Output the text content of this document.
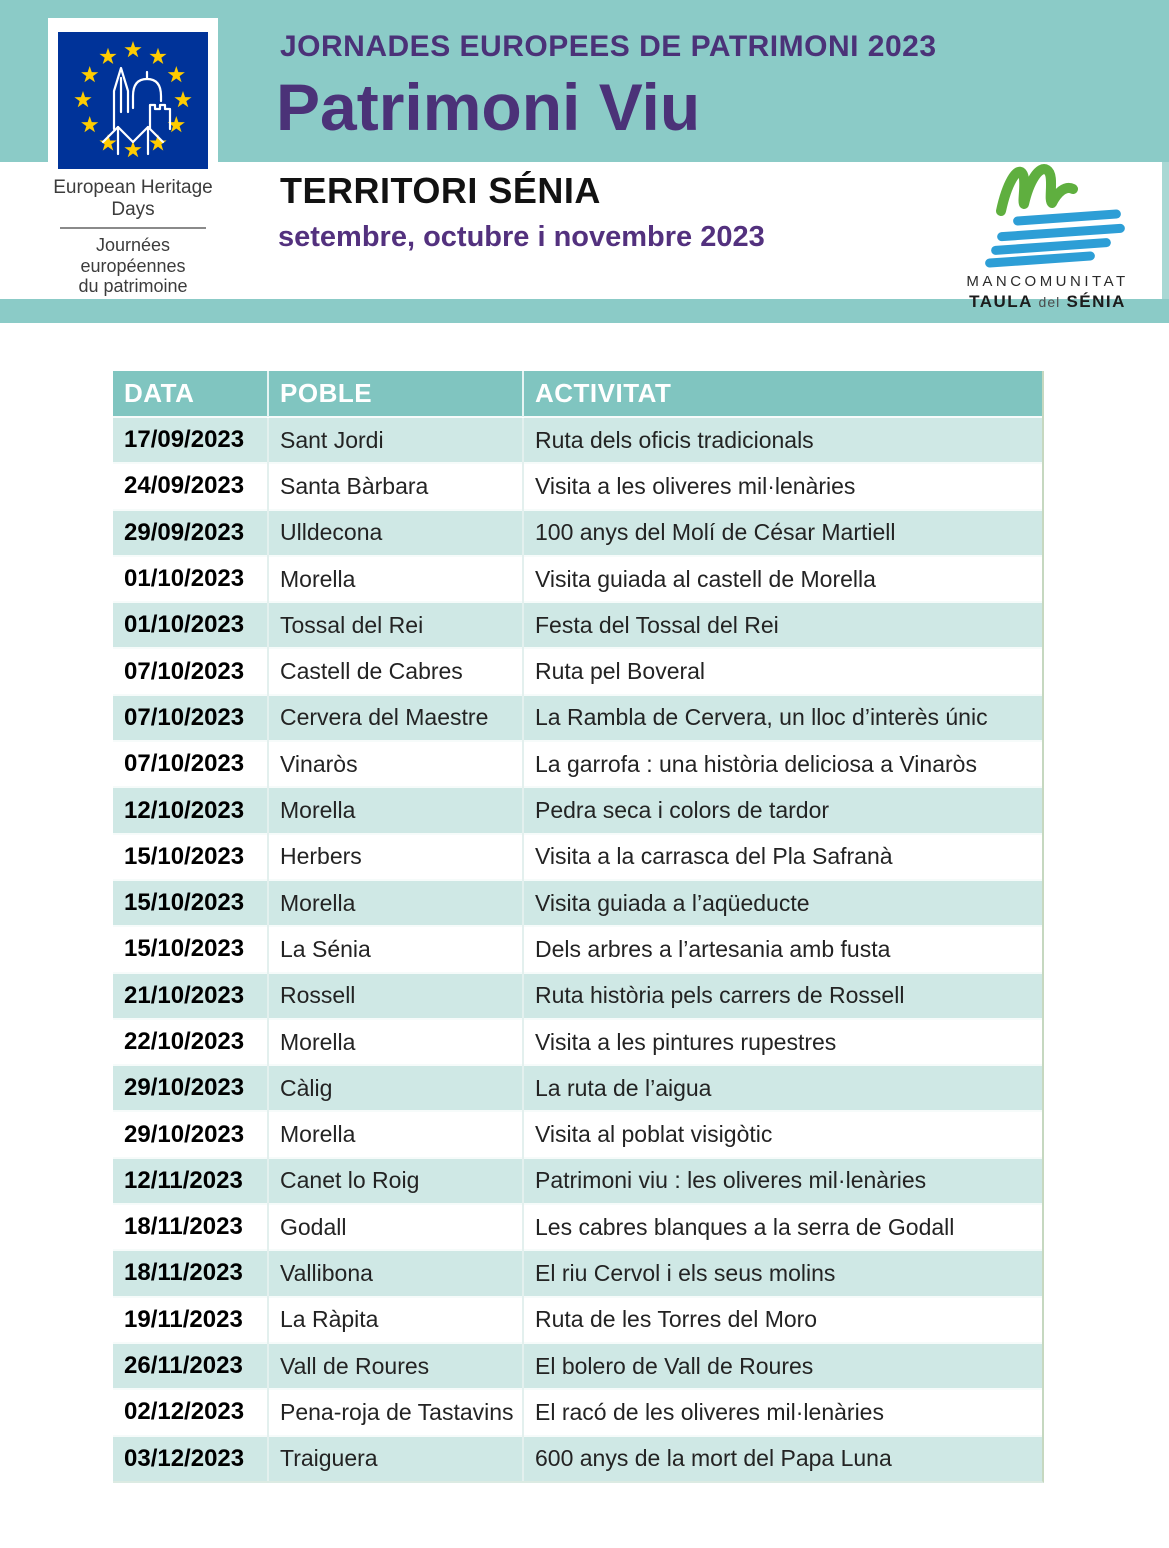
JORNADES EUROPEES DE PATRIMONI 2023
Patrimoni Viu
TERRITORI SÉNIA
setembre, octubre i novembre 2023
European Heritage Days
Journées européennes
du patrimoine	MANCOMUNITAT
TAULA del SÉNIA
DATA	POBLE	ACTIVITAT
17/09/2023	Sant Jordi	Ruta dels oficis tradicionals
24/09/2023	Santa Bàrbara	Visita a les oliveres mil·lenàries
29/09/2023	Ulldecona	100 anys del Molí de César Martiell
01/10/2023	Morella	Visita guiada al castell de Morella
01/10/2023	Tossal del Rei	Festa del Tossal del Rei
07/10/2023	Castell de Cabres	Ruta pel Boveral
07/10/2023	Cervera del Maestre	La Rambla de Cervera, un lloc d’interès únic
07/10/2023	Vinaròs	La garrofa : una història deliciosa a Vinaròs
12/10/2023	Morella	Pedra seca i colors de tardor
15/10/2023	Herbers	Visita a la carrasca del Pla Safranà
15/10/2023	Morella	Visita guiada a l’aqüeducte
15/10/2023	La Sénia	Dels arbres a l’artesania amb fusta
21/10/2023	Rossell	Ruta història pels carrers de Rossell
22/10/2023	Morella	Visita a les pintures rupestres
29/10/2023	Càlig	La ruta de l’aigua
29/10/2023	Morella	Visita al poblat visigòtic
12/11/2023	Canet lo Roig	Patrimoni viu : les oliveres mil·lenàries
18/11/2023	Godall	Les cabres blanques a la serra de Godall
18/11/2023	Vallibona	El riu Cervol i els seus molins
19/11/2023	La Ràpita	Ruta de les Torres del Moro
26/11/2023	Vall de Roures	El bolero de Vall de Roures
02/12/2023	Pena-roja de Tastavins	El racó de les oliveres mil·lenàries
03/12/2023	Traiguera	600 anys de la mort del Papa Luna
